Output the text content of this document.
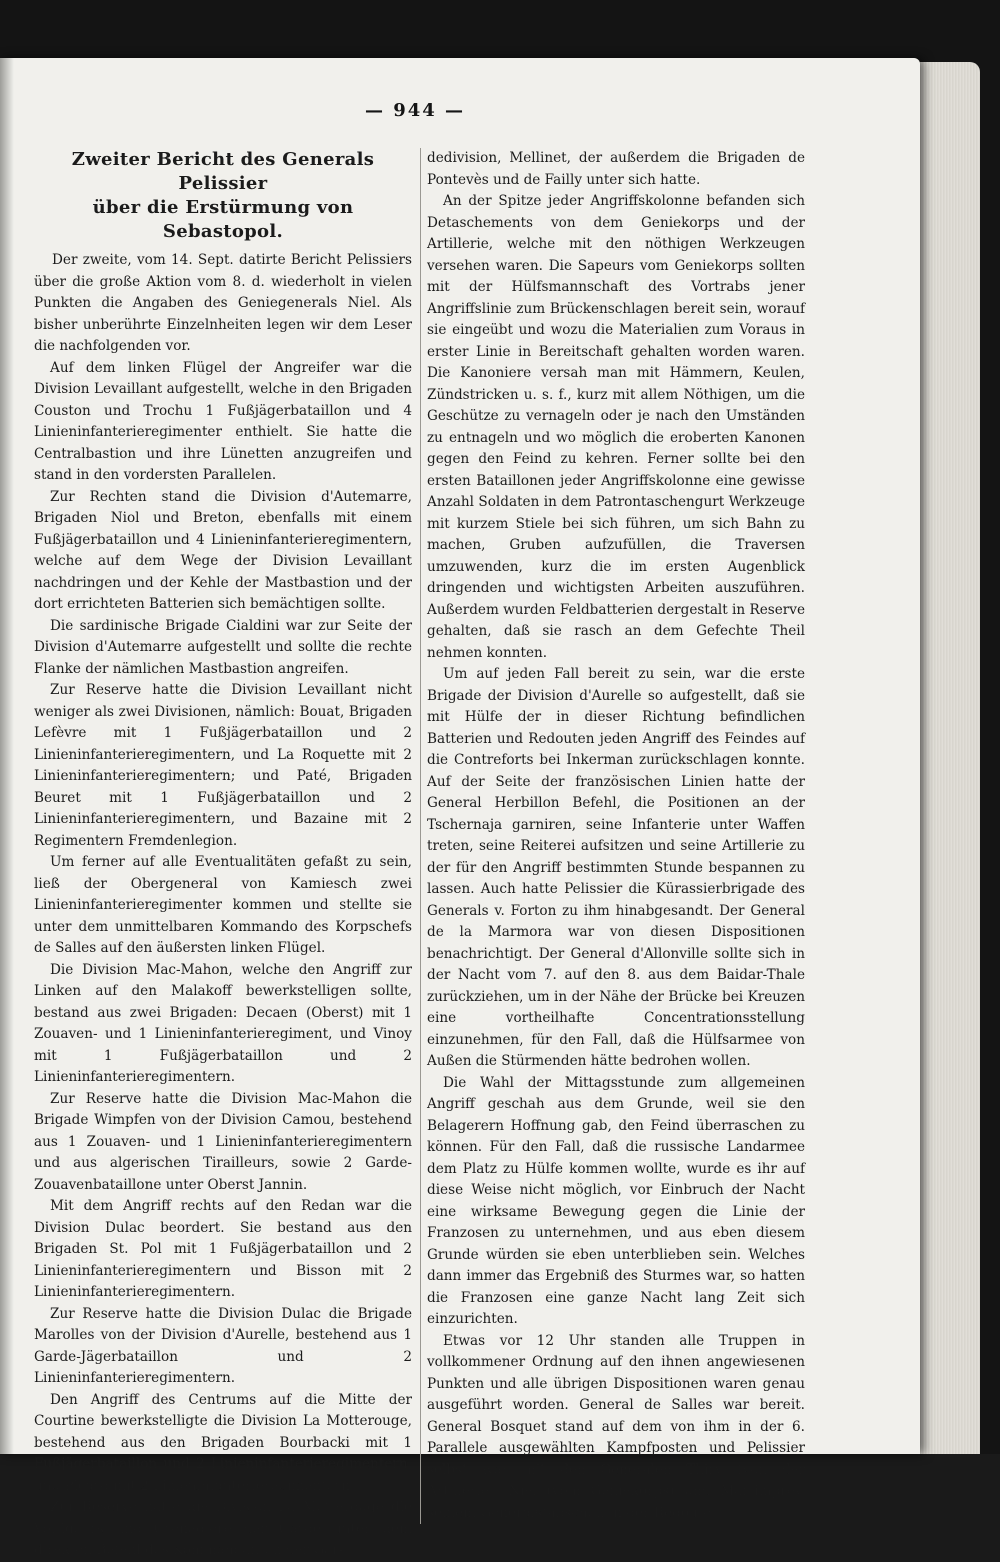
— 944 —
Zweiter Bericht des Generals Pelissier
über die Erstürmung von Sebastopol.

Der zweite, vom 14. Sept. datirte Bericht Pelissiers über die große Aktion vom 8. d. wiederholt in vielen Punkten die Angaben des Geniegenerals Niel. Als bisher unberührte Einzelnheiten legen wir dem Leser die nachfolgenden vor.

Auf dem linken Flügel der Angreifer war die Division Levaillant aufgestellt, welche in den Brigaden Couston und Trochu 1 Fußjägerbataillon und 4 Linieninfanterieregimenter enthielt. Sie hatte die Centralbastion und ihre Lünetten anzugreifen und stand in den vordersten Parallelen.

Zur Rechten stand die Division d'Autemarre, Brigaden Niol und Breton, ebenfalls mit einem Fußjägerbataillon und 4 Linieninfanterieregimentern, welche auf dem Wege der Division Levaillant nachdringen und der Kehle der Mastbastion und der dort errichteten Batterien sich bemächtigen sollte.

Die sardinische Brigade Cialdini war zur Seite der Division d'Autemarre aufgestellt und sollte die rechte Flanke der nämlichen Mastbastion angreifen.

Zur Reserve hatte die Division Levaillant nicht weniger als zwei Divisionen, nämlich: Bouat, Brigaden Lefèvre mit 1 Fußjägerbataillon und 2 Linieninfanterieregimentern, und La Roquette mit 2 Linieninfanterieregimentern; und Paté, Brigaden Beuret mit 1 Fußjägerbataillon und 2 Linieninfanterieregimentern, und Bazaine mit 2 Regimentern Fremdenlegion.

Um ferner auf alle Eventualitäten gefaßt zu sein, ließ der Obergeneral von Kamiesch zwei Linieninfanterieregimenter kommen und stellte sie unter dem unmittelbaren Kommando des Korpschefs de Salles auf den äußersten linken Flügel.

Die Division Mac-Mahon, welche den Angriff zur Linken auf den Malakoff bewerkstelligen sollte, bestand aus zwei Brigaden: Decaen (Oberst) mit 1 Zouaven- und 1 Linieninfanterieregiment, und Vinoy mit 1 Fußjägerbataillon und 2 Linieninfanterieregimentern.

Zur Reserve hatte die Division Mac-Mahon die Brigade Wimpfen von der Division Camou, bestehend aus 1 Zouaven- und 1 Linieninfanterieregimentern und aus algerischen Tirailleurs, sowie 2 Garde-Zouavenbataillone unter Oberst Jannin.

Mit dem Angriff rechts auf den Redan war die Division Dulac beordert. Sie bestand aus den Brigaden St. Pol mit 1 Fußjägerbataillon und 2 Linieninfanterieregimentern und Bisson mit 2 Linieninfanterieregimentern.

Zur Reserve hatte die Division Dulac die Brigade Marolles von der Division d'Aurelle, bestehend aus 1 Garde-Jägerbataillon und 2 Linieninfanterieregimentern.

Den Angriff des Centrums auf die Mitte der Courtine bewerkstelligte die Division La Motterouge, bestehend aus den Brigaden Bourbacki mit 1 Fußjägerbataillon und 2 Linieninfanterieregimentern, und Picard mit 2 Linieninfanterieregimentern.

Zur Reserve hatte die Division La Motterouge die Voltigeurs und Grenadiere der Garde unter dem direkten Befehl des Kommandanten der Gar-

dedivision, Mellinet, der außerdem die Brigaden de Pontevès und de Failly unter sich hatte.

An der Spitze jeder Angriffskolonne befanden sich Detaschements von dem Geniekorps und der Artillerie, welche mit den nöthigen Werkzeugen versehen waren. Die Sapeurs vom Geniekorps sollten mit der Hülfsmannschaft des Vortrabs jener Angriffslinie zum Brückenschlagen bereit sein, worauf sie eingeübt und wozu die Materialien zum Voraus in erster Linie in Bereitschaft gehalten worden waren. Die Kanoniere versah man mit Hämmern, Keulen, Zündstricken u. s. f., kurz mit allem Nöthigen, um die Geschütze zu vernageln oder je nach den Umständen zu entnageln und wo möglich die eroberten Kanonen gegen den Feind zu kehren. Ferner sollte bei den ersten Bataillonen jeder Angriffskolonne eine gewisse Anzahl Soldaten in dem Patrontaschengurt Werkzeuge mit kurzem Stiele bei sich führen, um sich Bahn zu machen, Gruben aufzufüllen, die Traversen umzuwenden, kurz die im ersten Augenblick dringenden und wichtigsten Arbeiten auszuführen. Außerdem wurden Feldbatterien dergestalt in Reserve gehalten, daß sie rasch an dem Gefechte Theil nehmen konnten.

Um auf jeden Fall bereit zu sein, war die erste Brigade der Division d'Aurelle so aufgestellt, daß sie mit Hülfe der in dieser Richtung befindlichen Batterien und Redouten jeden Angriff des Feindes auf die Contreforts bei Inkerman zurückschlagen konnte. Auf der Seite der französischen Linien hatte der General Herbillon Befehl, die Positionen an der Tschernaja garniren, seine Infanterie unter Waffen treten, seine Reiterei aufsitzen und seine Artillerie zu der für den Angriff bestimmten Stunde bespannen zu lassen. Auch hatte Pelissier die Kürassierbrigade des Generals v. Forton zu ihm hinabgesandt. Der General de la Marmora war von diesen Dispositionen benachrichtigt. Der General d'Allonville sollte sich in der Nacht vom 7. auf den 8. aus dem Baidar-Thale zurückziehen, um in der Nähe der Brücke bei Kreuzen eine vortheilhafte Concentrationsstellung einzunehmen, für den Fall, daß die Hülfsarmee von Außen die Stürmenden hätte bedrohen wollen.

Die Wahl der Mittagsstunde zum allgemeinen Angriff geschah aus dem Grunde, weil sie den Belagerern Hoffnung gab, den Feind überraschen zu können. Für den Fall, daß die russische Landarmee dem Platz zu Hülfe kommen wollte, wurde es ihr auf diese Weise nicht möglich, vor Einbruch der Nacht eine wirksame Bewegung gegen die Linie der Franzosen zu unternehmen, und aus eben diesem Grunde würden sie eben unterblieben sein. Welches dann immer das Ergebniß des Sturmes war, so hatten die Franzosen eine ganze Nacht lang Zeit sich einzurichten.

Etwas vor 12 Uhr standen alle Truppen in vollkommener Ordnung auf den ihnen angewiesenen Punkten und alle übrigen Dispositionen waren genau ausgeführt worden. General de Salles war bereit. General Bosquet stand auf dem von ihm in der 6. Parallele ausgewählten Kampfposten und Pelissier selbst war mit den Generalen Thiry (von der Artillerie), Niel (vom Geniekorps) und Martimprey, seinem Generalstabschef, in der Redoute
